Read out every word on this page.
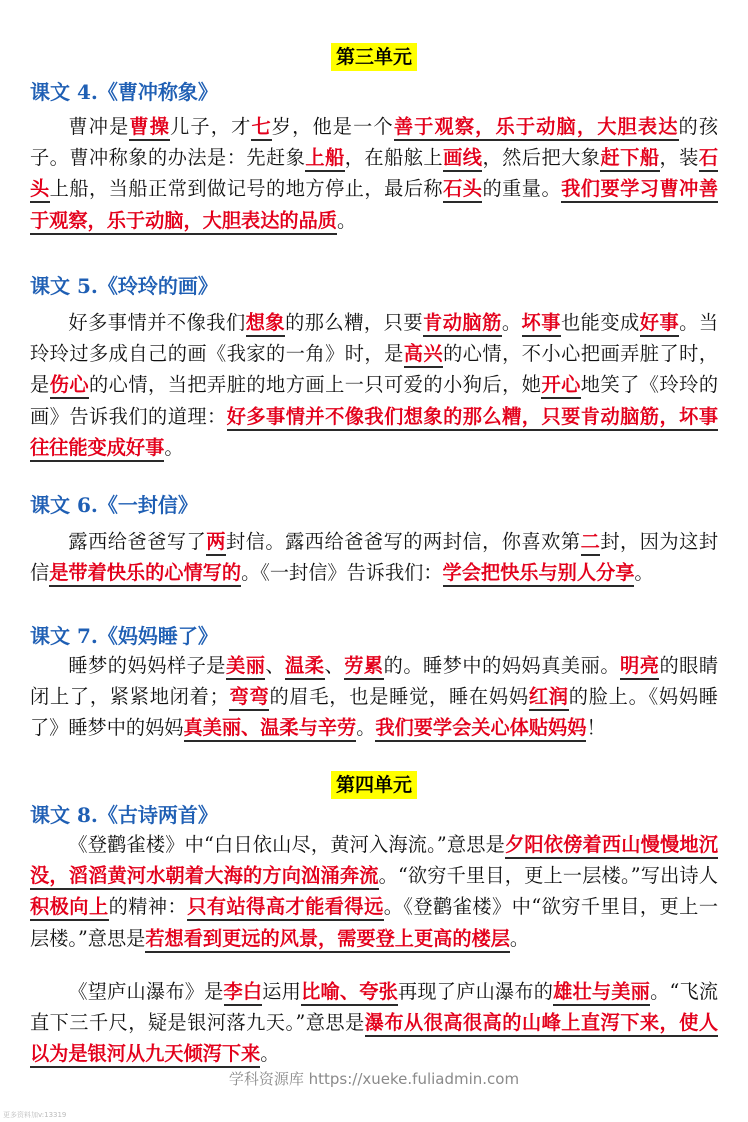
第三单元
课文 4.《曹冲称象》
曹冲是曹操儿子，才七岁，他是一个善于观察，乐于动脑，大胆表达的孩子。曹冲称象的办法是：先赶象上船，在船舷上画线，然后把大象赶下船，装石头上船，当船正常到做记号的地方停止，最后称石头的重量。我们要学习曹冲善于观察，乐于动脑，大胆表达的品质。
课文 5.《玲玲的画》
好多事情并不像我们想象的那么糟，只要肯动脑筋。坏事也能变成好事。当玲玲过多成自己的画《我家的一角》时，是高兴的心情，不小心把画弄脏了时，是伤心的心情，当把弄脏的地方画上一只可爱的小狗后，她开心地笑了《玲玲的画》告诉我们的道理：好多事情并不像我们想象的那么糟，只要肯动脑筋，坏事往往能变成好事。
课文 6.《一封信》
露西给爸爸写了两封信。露西给爸爸写的两封信，你喜欢第二封，因为这封信是带着快乐的心情写的。《一封信》告诉我们：学会把快乐与别人分享。
课文 7.《妈妈睡了》
睡梦的妈妈样子是美丽、温柔、劳累的。睡梦中的妈妈真美丽。明亮的眼睛闭上了，紧紧地闭着；弯弯的眉毛，也是睡觉，睡在妈妈红润的脸上。《妈妈睡了》睡梦中的妈妈真美丽、温柔与辛劳。我们要学会关心体贴妈妈！
第四单元
课文 8.《古诗两首》
《登鹳雀楼》中“白日依山尽，黄河入海流。”意思是夕阳依傍着西山慢慢地沉没，滔滔黄河水朝着大海的方向汹涌奔流。“欲穷千里目，更上一层楼。”写出诗人积极向上的精神：只有站得高才能看得远。《登鹳雀楼》中“欲穷千里目，更上一层楼。”意思是若想看到更远的风景，需要登上更高的楼层。
《望庐山瀑布》是李白运用比喻、夸张再现了庐山瀑布的雄壮与美丽。“飞流直下三千尺，疑是银河落九天。”意思是瀑布从很高很高的山峰上直泻下来，使人以为是银河从九天倾泻下来。
学科资源库 https://xueke.fuliadmin.com
更多资料加v:13319
